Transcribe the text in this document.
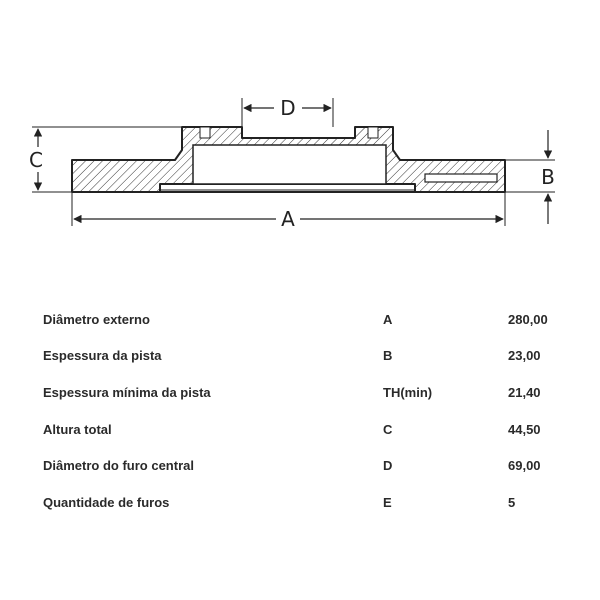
D
C
B
A
Diâmetro externo	A	280,00
Espessura da pista	B	23,00
Espessura mínima da pista	TH(min)	21,40
Altura total	C	44,50
Diâmetro do furo central	D	69,00
Quantidade de furos	E	5
